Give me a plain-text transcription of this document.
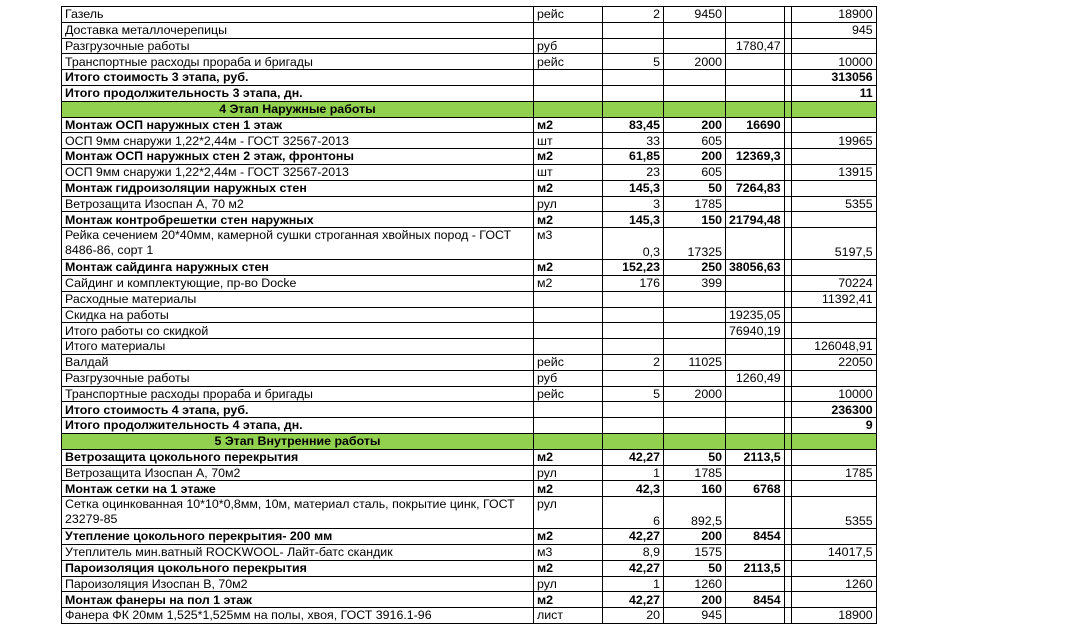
Газель	рейс	2	9450			18900
Доставка металлочерепицы						945
Разгрузочные работы	руб			1780,47		
Транспортные расходы прораба и бригады	рейс	5	2000			10000
Итого стоимость 3 этапа, руб.						313056
Итого продолжительность 3 этапа, дн.						11
4 Этап Наружные работы						
Монтаж ОСП наружных стен 1 этаж	м2	83,45	200	16690		
ОСП 9мм снаружи 1,22*2,44м - ГОСТ 32567-2013	шт	33	605			19965
Монтаж ОСП наружных стен 2 этаж, фронтоны	м2	61,85	200	12369,3		
ОСП 9мм снаружи 1,22*2,44м - ГОСТ 32567-2013	шт	23	605			13915
Монтаж гидроизоляции наружных стен	м2	145,3	50	7264,83		
Ветрозащита Изоспан А, 70 м2	рул	3	1785			5355
Монтаж контробрешетки стен наружных	м2	145,3	150	21794,48		
Рейка сечением 20*40мм, камерной сушки строганная хвойных пород - ГОСТ 8486-86, сорт 1	м3	0,3	17325			5197,5
Монтаж сайдинга наружных стен	м2	152,23	250	38056,63		
Сайдинг и комплектующие, пр-во Docke	м2	176	399			70224
Расходные материалы						11392,41
Скидка на работы				19235,05		
Итого работы со скидкой				76940,19		
Итого материалы						126048,91
Валдай	рейс	2	11025			22050
Разгрузочные работы	руб			1260,49		
Транспортные расходы прораба и бригады	рейс	5	2000			10000
Итого стоимость 4 этапа, руб.						236300
Итого продолжительность 4 этапа, дн.						9
5 Этап Внутренние работы						
Ветрозащита цокольного перекрытия	м2	42,27	50	2113,5		
Ветрозащита Изоспан А, 70м2	рул	1	1785			1785
Монтаж сетки на 1 этаже	м2	42,3	160	6768		
Сетка оцинкованная 10*10*0,8мм, 10м, материал сталь, покрытие цинк, ГОСТ 23279-85	рул	6	892,5			5355
Утепление цокольного перекрытия- 200 мм	м2	42,27	200	8454		
Утеплитель мин.ватный ROCKWOOL- Лайт-батс скандик	м3	8,9	1575			14017,5
Пароизоляция цокольного перекрытия	м2	42,27	50	2113,5		
Пароизоляция Изоспан В, 70м2	рул	1	1260			1260
Монтаж фанеры на пол 1 этаж	м2	42,27	200	8454		
Фанера ФК 20мм 1,525*1,525мм на полы, хвоя, ГОСТ 3916.1-96	лист	20	945			18900
